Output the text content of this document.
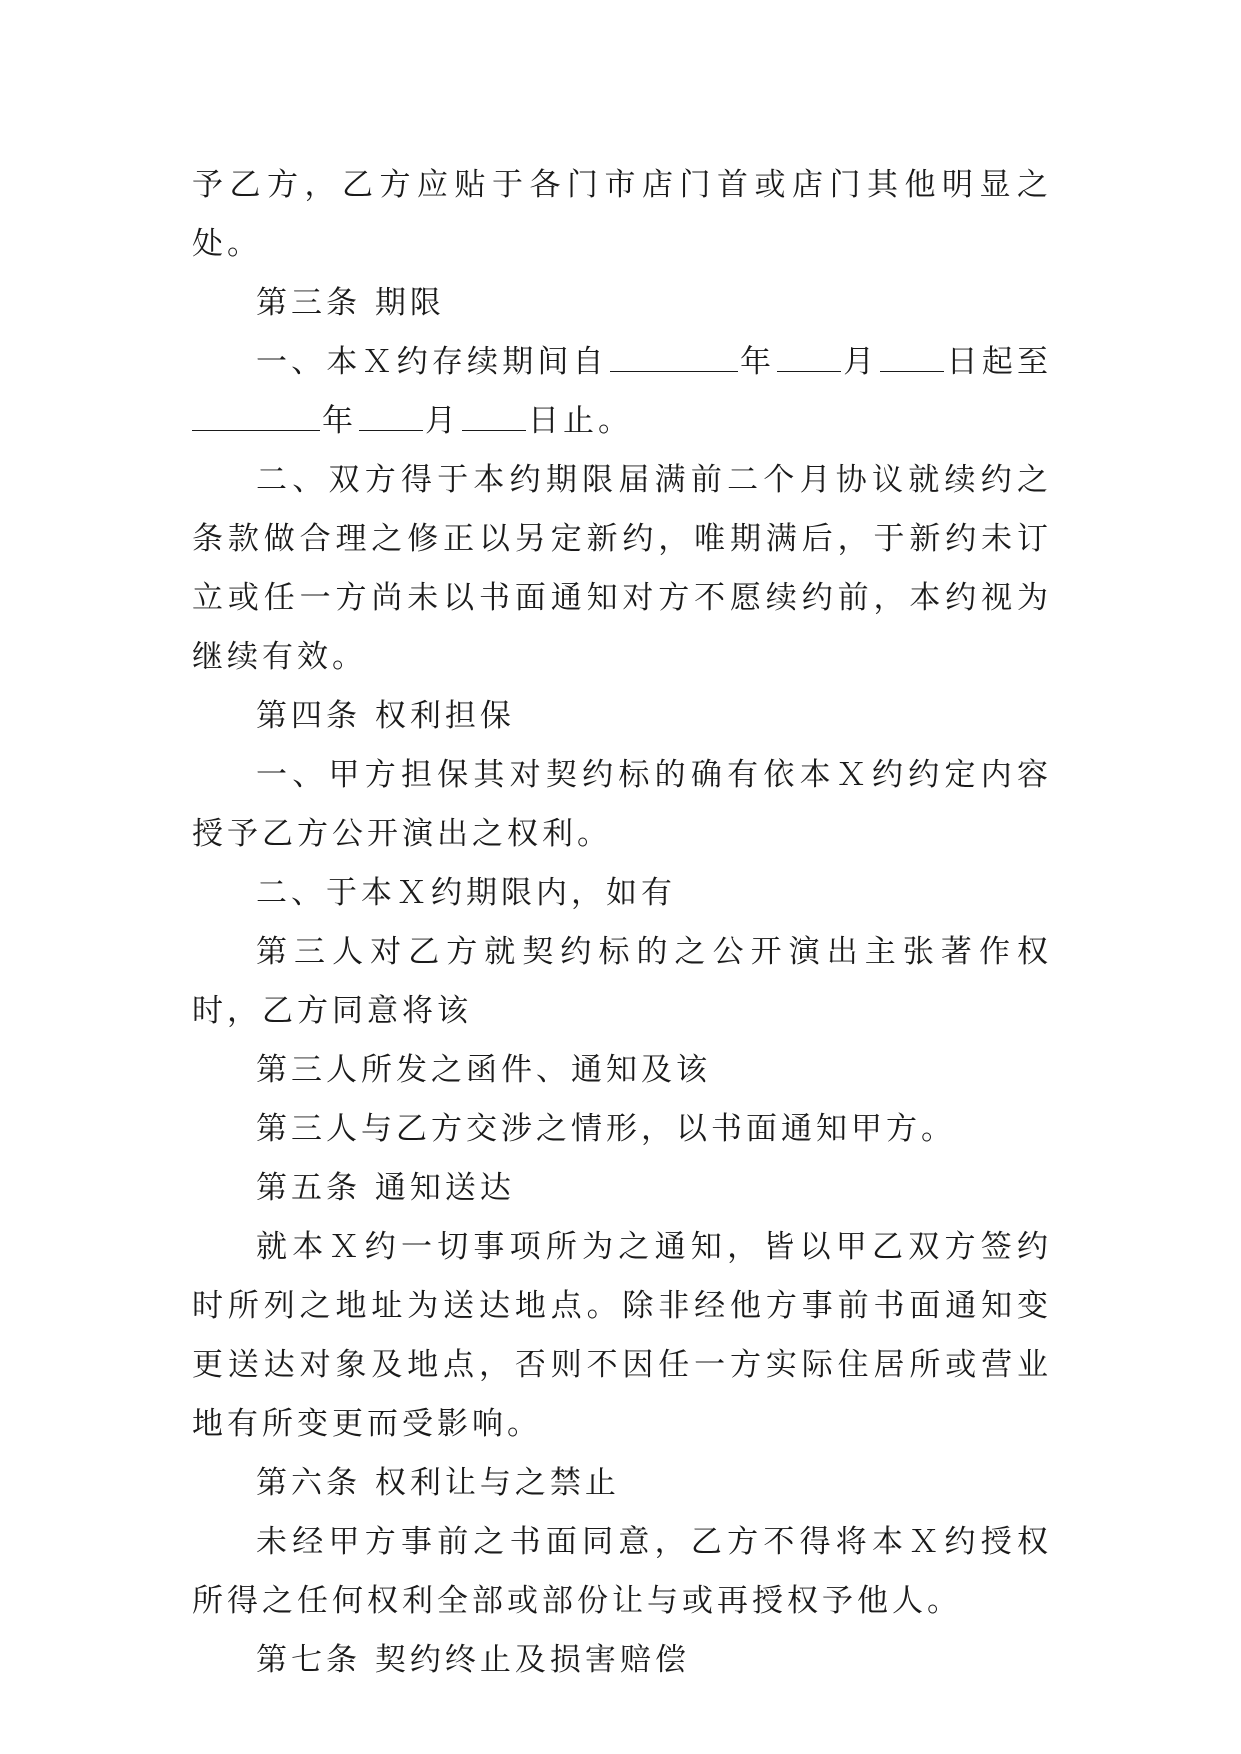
予乙方，乙方应贴于各门市店门首或店门其他明显之处。

第三条 期限

一、本Ｘ约存续期间自	年 月 日起至年 月 日止。

二、双方得于本约期限届满前二个月协议就续约之条款做合理之修正以另定新约，唯期满后，于新约未订立或任一方尚未以书面通知对方不愿续约前，本约视为继续有效。

第四条 权利担保

一、甲方担保其对契约标的确有依本Ｘ约约定内容授予乙方公开演出之权利。

二、于本Ｘ约期限内，如有

第三人对乙方就契约标的之公开演出主张著作权时，乙方同意将该

第三人所发之函件、通知及该

第三人与乙方交涉之情形，以书面通知甲方。

第五条 通知送达

就本Ｘ约一切事项所为之通知，皆以甲乙双方签约时所列之地址为送达地点。除非经他方事前书面通知变更送达对象及地点，否则不因任一方实际住居所或营业地有所变更而受影响。

第六条 权利让与之禁止

未经甲方事前之书面同意，乙方不得将本Ｘ约授权所得之任何权利全部或部份让与或再授权予他人。

第七条 契约终止及损害赔偿
